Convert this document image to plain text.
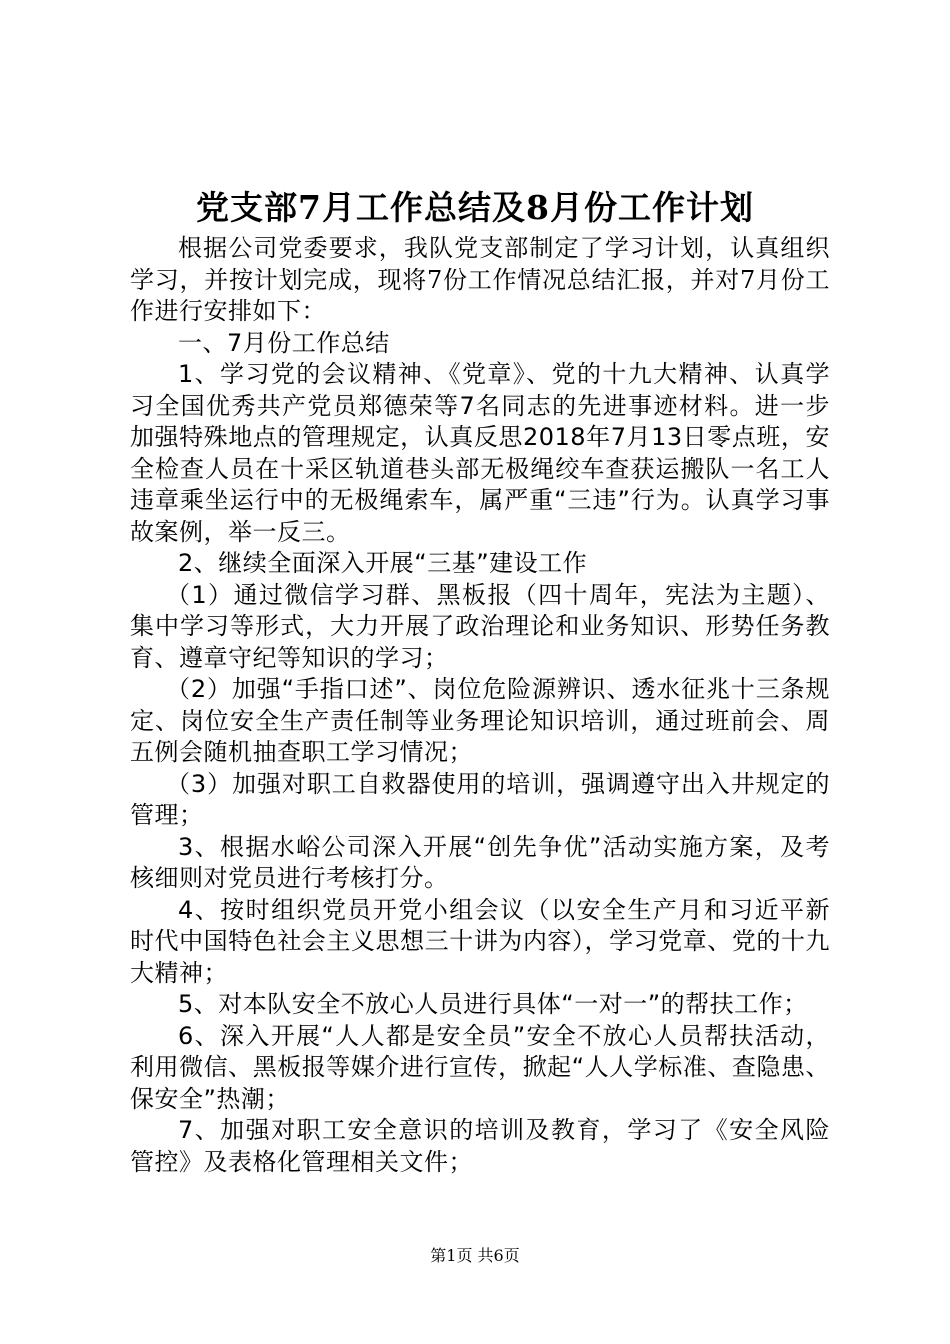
党支部7月工作总结及8月份工作计划

根据公司党委要求，我队党支部制定了学习计划，认真组织学习，并按计划完成，现将7份工作情况总结汇报，并对7月份工作进行安排如下：

一、7月份工作总结

1、学习党的会议精神、《党章》、党的十九大精神、认真学习全国优秀共产党员郑德荣等7名同志的先进事迹材料。进一步加强特殊地点的管理规定，认真反思2018年7月13日零点班，安全检查人员在十采区轨道巷头部无极绳绞车查获运搬队一名工人违章乘坐运行中的无极绳索车，属严重“三违”行为。认真学习事故案例，举一反三。

2、继续全面深入开展“三基”建设工作

（1）通过微信学习群、黑板报（四十周年，宪法为主题）、集中学习等形式，大力开展了政治理论和业务知识、形势任务教育、遵章守纪等知识的学习；

（2）加强“手指口述”、岗位危险源辨识、透水征兆十三条规定、岗位安全生产责任制等业务理论知识培训，通过班前会、周五例会随机抽查职工学习情况；

（3）加强对职工自救器使用的培训，强调遵守出入井规定的管理；

3、根据水峪公司深入开展“创先争优”活动实施方案，及考核细则对党员进行考核打分。

4、按时组织党员开党小组会议（以安全生产月和习近平新时代中国特色社会主义思想三十讲为内容），学习党章、党的十九大精神；

5、对本队安全不放心人员进行具体“一对一”的帮扶工作；

6、深入开展“人人都是安全员”安全不放心人员帮扶活动，利用微信、黑板报等媒介进行宣传，掀起“人人学标准、查隐患、保安全”热潮；

7、加强对职工安全意识的培训及教育，学习了《安全风险管控》及表格化管理相关文件；

第1页 共6页
